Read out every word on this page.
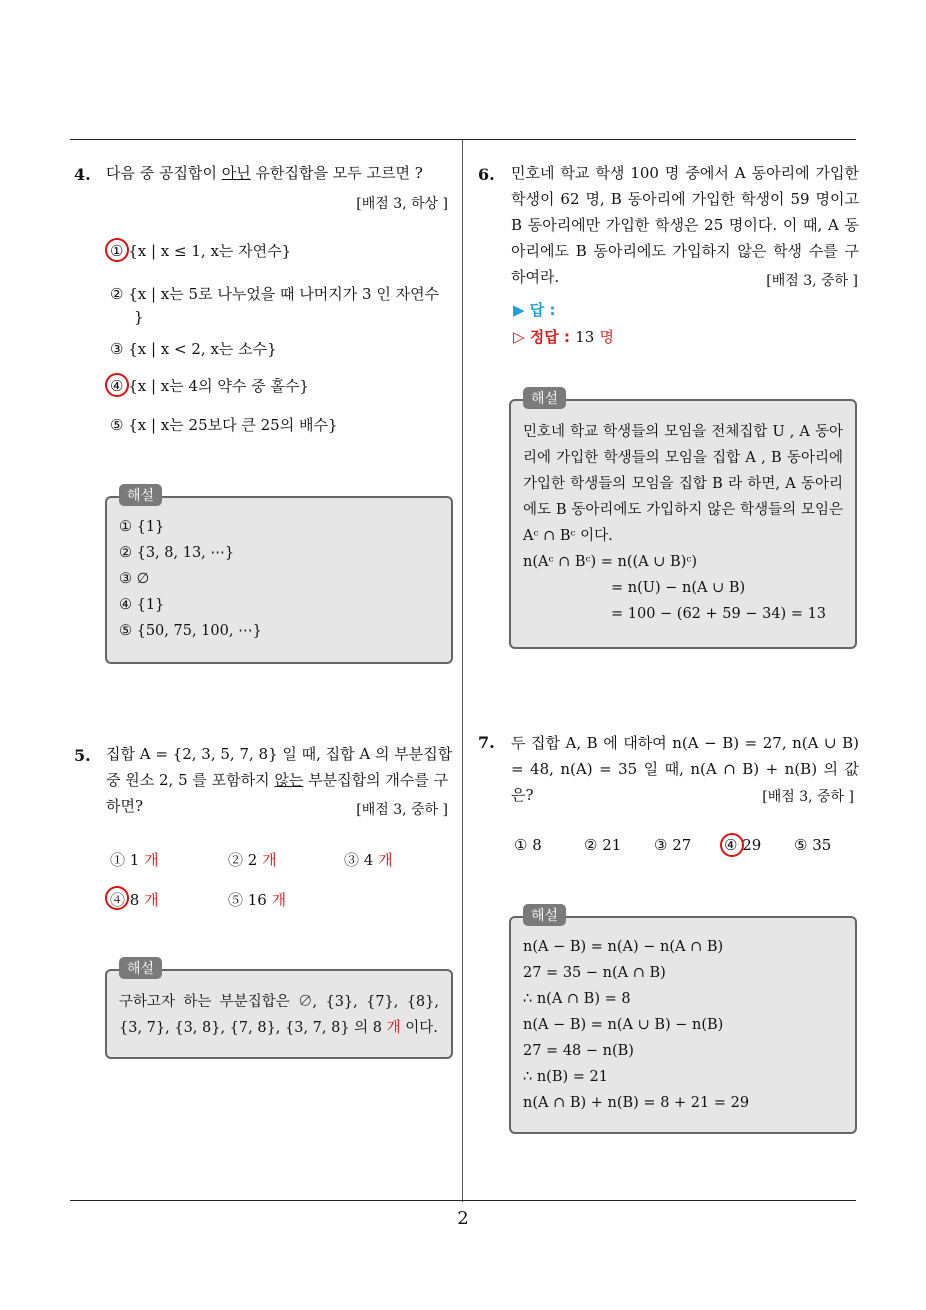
4. 다음 중 공집합이 아닌 유한집합을 모두 고르면 ?
[배점 3, 하상 ]
① {x | x ≤ 1, x는 자연수}
② {x | x는 5로 나누었을 때 나머지가 3 인 자연수
}
③ {x | x < 2, x는 소수}
④ {x | x는 4의 약수 중 홀수}
⑤ {x | x는 25보다 큰 25의 배수}
해설
① {1}
② {3, 8, 13, ⋯}
③ ∅
④ {1}
⑤ {50, 75, 100, ⋯}
5. 집합 A = {2, 3, 5, 7, 8} 일 때, 집합 A 의 부분집합 중 원소 2, 5 를 포함하지 않는 부분집합의 개수를 구하면?	[배점 3, 중하 ]
① 1 개	② 2 개	③ 4 개
④ 8 개	⑤ 16 개
해설
구하고자 하는 부분집합은 ∅, {3}, {7}, {8}, {3, 7}, {3, 8}, {7, 8}, {3, 7, 8} 의 8 개 이다.
6. 민호네 학교 학생 100 명 중에서 A 동아리에 가입한 학생이 62 명, B 동아리에 가입한 학생이 59 명이고 B 동아리에만 가입한 학생은 25 명이다. 이 때, A 동아리에도 B 동아리에도 가입하지 않은 학생 수를 구하여라.	[배점 3, 중하 ]
▶ 답 :
▷ 정답 : 13 명
해설
민호네 학교 학생들의 모임을 전체집합 U , A 동아리에 가입한 학생들의 모임을 집합 A , B 동아리에 가입한 학생들의 모임을 집합 B 라 하면, A 동아리에도 B 동아리에도 가입하지 않은 학생들의 모임은 Aᶜ ∩ Bᶜ 이다.
n(Aᶜ ∩ Bᶜ) = n((A ∪ B)ᶜ)
= n(U) − n(A ∪ B)
= 100 − (62 + 59 − 34) = 13
7. 두 집합 A, B 에 대하여 n(A − B) = 27, n(A ∪ B) = 48, n(A) = 35 일 때, n(A ∩ B) + n(B) 의 값은?	[배점 3, 중하 ]
① 8	② 21 ③ 27 ④ 29 ⑤ 35
해설
n(A − B) = n(A) − n(A ∩ B)
27 = 35 − n(A ∩ B)
∴ n(A ∩ B) = 8
n(A − B) = n(A ∪ B) − n(B)
27 = 48 − n(B)
∴ n(B) = 21
n(A ∩ B) + n(B) = 8 + 21 = 29
2
